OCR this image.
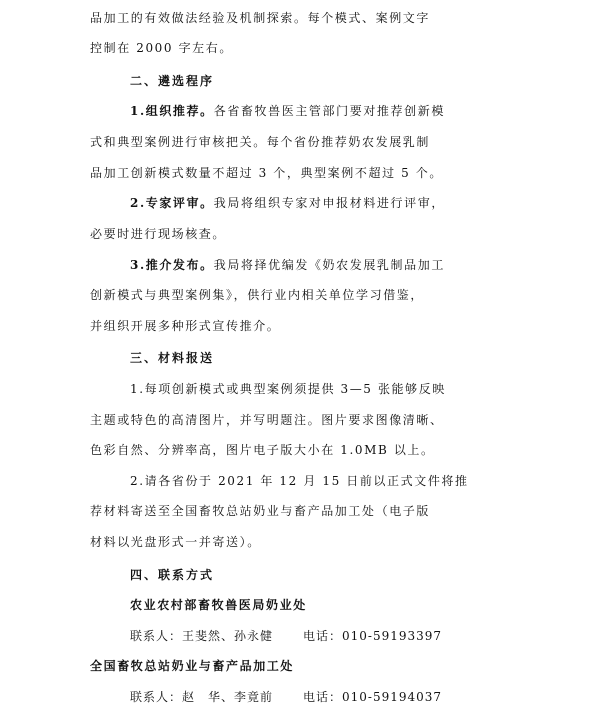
品加工的有效做法经验及机制探索。每个模式、案例文字
控制在 2000 字左右。
二、遴选程序
1.组织推荐。各省畜牧兽医主管部门要对推荐创新模
式和典型案例进行审核把关。每个省份推荐奶农发展乳制
品加工创新模式数量不超过 3 个，典型案例不超过 5 个。
2.专家评审。我局将组织专家对申报材料进行评审，
必要时进行现场核查。
3.推介发布。我局将择优编发《奶农发展乳制品加工
创新模式与典型案例集》，供行业内相关单位学习借鉴，
并组织开展多种形式宣传推介。
三、材料报送
1.每项创新模式或典型案例须提供 3—5 张能够反映
主题或特色的高清图片，并写明题注。图片要求图像清晰、
色彩自然、分辨率高，图片电子版大小在 1.0MB 以上。
2.请各省份于 2021 年 12 月 15 日前以正式文件将推
荐材料寄送至全国畜牧总站奶业与畜产品加工处（电子版
材料以光盘形式一并寄送）。
四、联系方式
农业农村部畜牧兽医局奶业处
联系人：王斐然、孙永健	电话：010-59193397
全国畜牧总站奶业与畜产品加工处
联系人：赵　华、李竟前	电话：010-59194037
